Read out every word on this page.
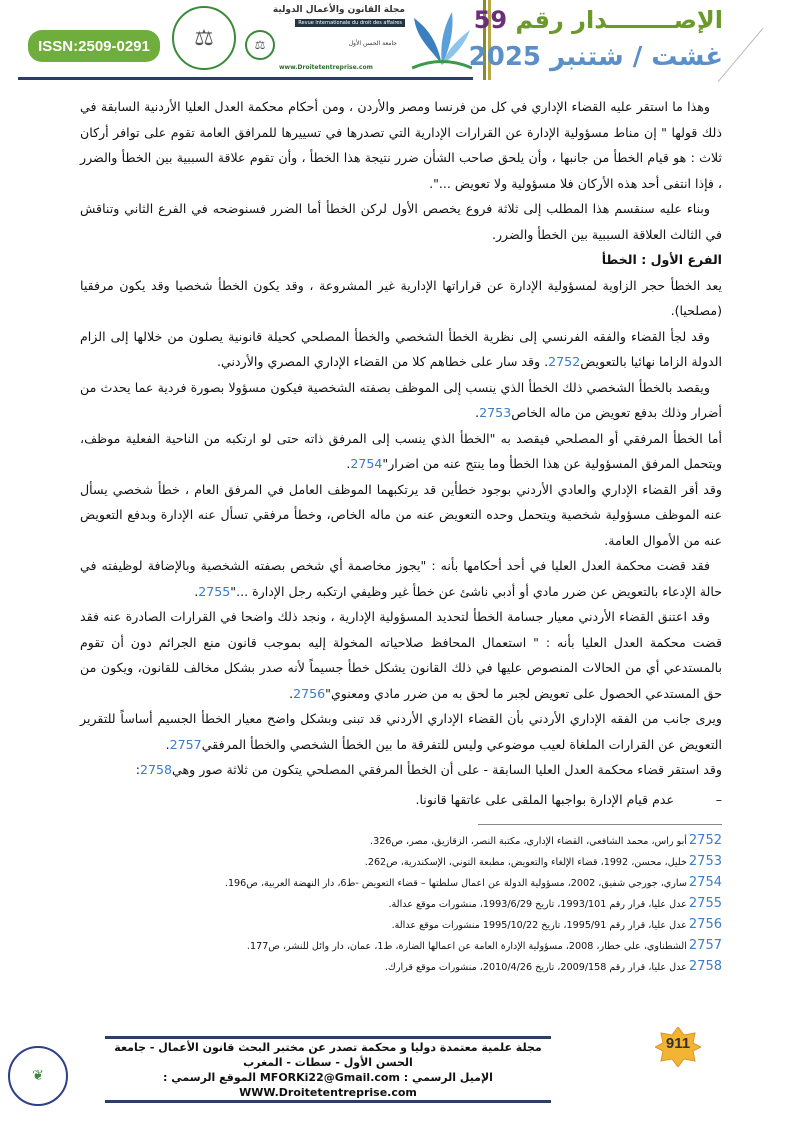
ISSN:2509-0291	⚖
مجلة القانون والأعمال الدولية
Revue internationale du droit des affaires
⚖	جامعة الحسن الأول
www.Droitetentreprise.com
الإصــــــــدار رقم 59
غشت / شتنبر 2025

وهذا ما استقر عليه القضاء الإداري في كل من فرنسا ومصر والأردن ، ومن أحكام محكمة العدل العليا الأردنية السابقة في ذلك قولها " إن مناط مسؤولية الإدارة عن القرارات الإدارية التي تصدرها في تسييرها للمرافق العامة تقوم على توافر أركان ثلاث : هو قيام الخطأ من جانبها ، وأن يلحق صاحب الشأن ضرر نتيجة هذا الخطأ ، وأن تقوم علاقة السببية بين الخطأ والضرر ، فإذا انتفى أحد هذه الأركان فلا مسؤولية ولا تعويض ...".

وبناء عليه سنقسم هذا المطلب إلى ثلاثة فروع يخصص الأول لركن الخطأ أما الضرر فسنوضحه في الفرع الثاني وتناقش في الثالث العلاقة السببية بين الخطأ والضرر.

الفرع الأول : الخطأ

يعد الخطأ حجر الزاوية لمسؤولية الإدارة عن قراراتها الإدارية غير المشروعة ، وقد يكون الخطأ شخصيا وقد يكون مرفقيا (مصلحيا).

وقد لجأ القضاء والفقه الفرنسي إلى نظرية الخطأ الشخصي والخطأ المصلحي كحيلة قانونية يصلون من خلالها إلى الزام الدولة الزاما نهائيا بالتعويض2752. وقد سار على خطاهم كلا من القضاء الإداري المصري والأردني.

ويقصد بالخطأ الشخصي ذلك الخطأ الذي ينسب إلى الموظف بصفته الشخصية فيكون مسؤولا بصورة فردية عما يحدث من أضرار وذلك بدفع تعويض من ماله الخاص2753.

أما الخطأ المرفقي أو المصلحي فيقصد به "الخطأ الذي ينسب إلى المرفق ذاته حتى لو ارتكبه من الناحية الفعلية موظف، ويتحمل المرفق المسؤولية عن هذا الخطأ وما ينتج عنه من اضرار"2754.

وقد أقر القضاء الإداري والعادي الأردني بوجود خطأين قد يرتكبهما الموظف العامل في المرفق العام ، خطأ شخصي يسأل عنه الموظف مسؤولية شخصية ويتحمل وحده التعويض عنه من ماله الخاص، وخطأ مرفقي تسأل عنه الإدارة وبدفع التعويض عنه من الأموال العامة.

فقد قضت محكمة العدل العليا في أحد أحكامها بأنه : "يجوز مخاصمة أي شخص بصفته الشخصية وبالإضافة لوظيفته في حالة الإدعاء بالتعويض عن ضرر مادي أو أدبي ناشئ عن خطأ غير وظيفي ارتكبه رجل الإدارة ..."2755.

وقد اعتنق القضاء الأردني معيار جسامة الخطأ لتحديد المسؤولية الإدارية ، ونجد ذلك واضحا في القرارات الصادرة عنه فقد قضت محكمة العدل العليا بأنه : " استعمال المحافظ صلاحياته المخولة إليه بموجب قانون منع الجرائم دون أن تقوم بالمستدعي أي من الحالات المنصوص عليها في ذلك القانون يشكل خطأ جسيماً لأنه صدر بشكل مخالف للقانون، ويكون من حق المستدعي الحصول على تعويض لجبر ما لحق به من ضرر مادي ومعنوي"2756.

ويرى جانب من الفقه الإداري الأردني بأن القضاء الإداري الأردني قد تبنى وبشكل واضح معيار الخطأ الجسيم أساساً للتقرير التعويض عن القرارات الملغاة لعيب موضوعي وليس للتفرقة ما بين الخطأ الشخصي والخطأ المرفقي2757.

وقد استقر قضاء محكمة العدل العليا السابقة - على أن الخطأ المرفقي المصلحي يتكون من ثلاثة صور وهي2758:

–
عدم قيام الإدارة بواجبها الملقى على عاتقها قانونا.

2752أبو راس، محمد الشافعي، القضاء الإداري، مكتبة النصر، الزقازيق، مصر، ص326.
2753خليل، محسن، 1992، قضاء الإلغاء والتعويض، مطبعة التوني، الإسكندرية، ص262.
2754ساري، جورجي شفيق، 2002، مسؤولية الدولة عن اعمال سلطتها – قضاء التعويض -ط6، دار النهضة العربية، ص196.
2755عدل عليا، قرار رقم 1993/101، تاريخ 1993/6/29، منشورات موقع عدالة.
2756عدل عليا، قرار رقم 1995/91، تاريخ 1995/10/22 منشورات موقع عدالة.
2757الشطناوي، علي خطار، 2008، مسؤولية الإدارة العامة عن اعمالها الضارة، ط1، عمان، دار وائل للنشر، ص177.
2758عدل عليا، قرار رقم 2009/158، تاريخ 2010/4/26، منشورات موقع قرارك.
911
مجلة علمية معتمدة دوليا و محكمة تصدر عن مختبر البحث قانون الأعمال - جامعة الحسن الأول - سطات - المغرب
الإميل الرسمي : MFORKi22@Gmail.com الموقع الرسمي : WWW.Droitetentreprise.com
❦
